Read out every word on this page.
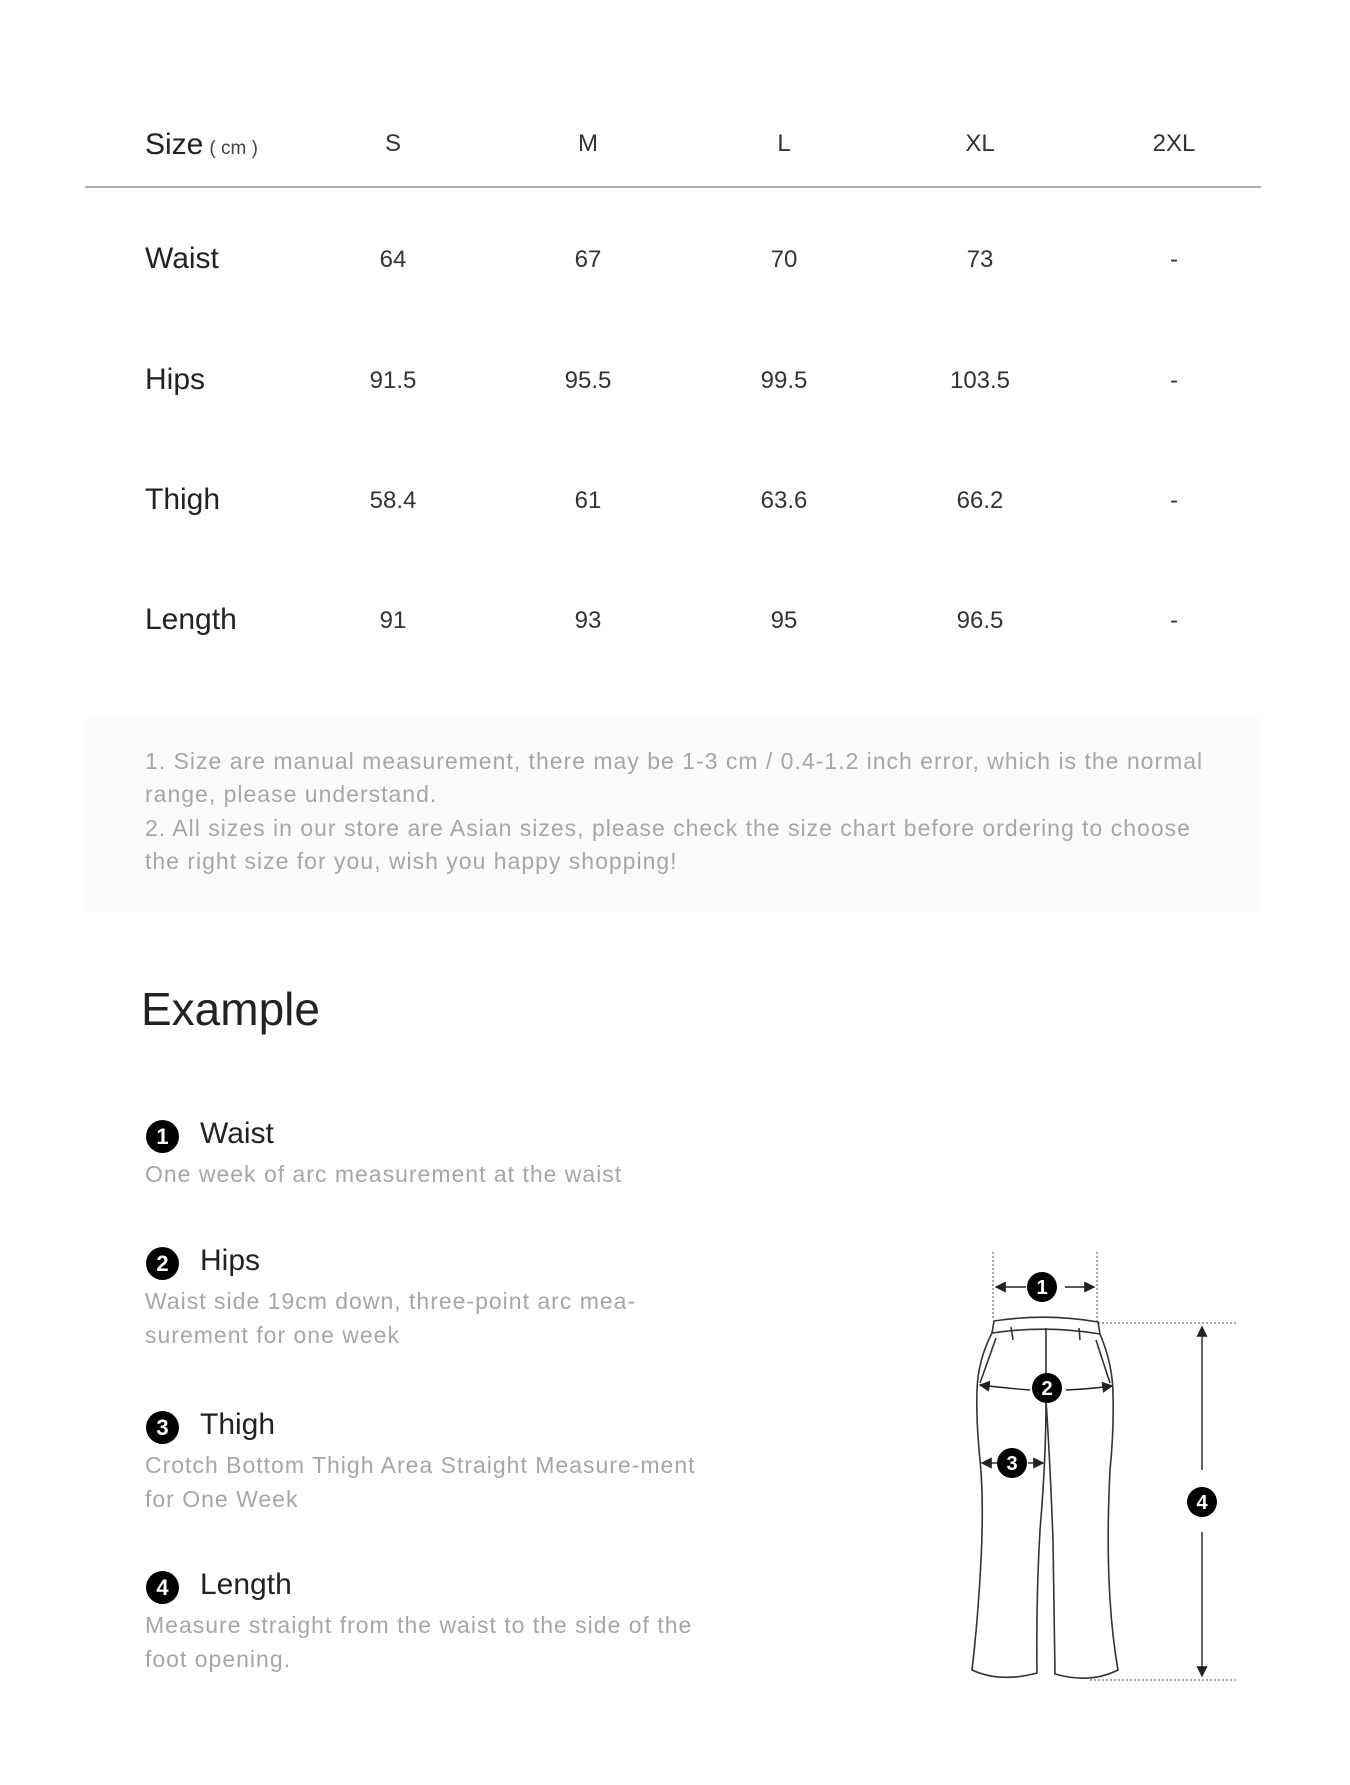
Size ( cm )	S	M	L	XL	2XL
Waist	64	67	70	73	-
Hips	91.5	95.5	99.5	103.5	-
Thigh	58.4	61	63.6	66.2	-
Length	91	93	95	96.5	-

1. Size are manual measurement, there may be 1-3 cm / 0.4-1.2 inch error, which is the normal range, please understand.

2. All sizes in our store are Asian sizes, please check the size chart before ordering to choose the right size for you, wish you happy shopping!

Example
1	Waist
One week of arc measurement at the waist
2	Hips
Waist side 19cm down, three-point arc mea-surement for one week
3	Thigh
Crotch Bottom Thigh Area Straight Measure-ment for One Week
4	Length
Measure straight from the waist to the side of the foot opening.
1
2
3
4
